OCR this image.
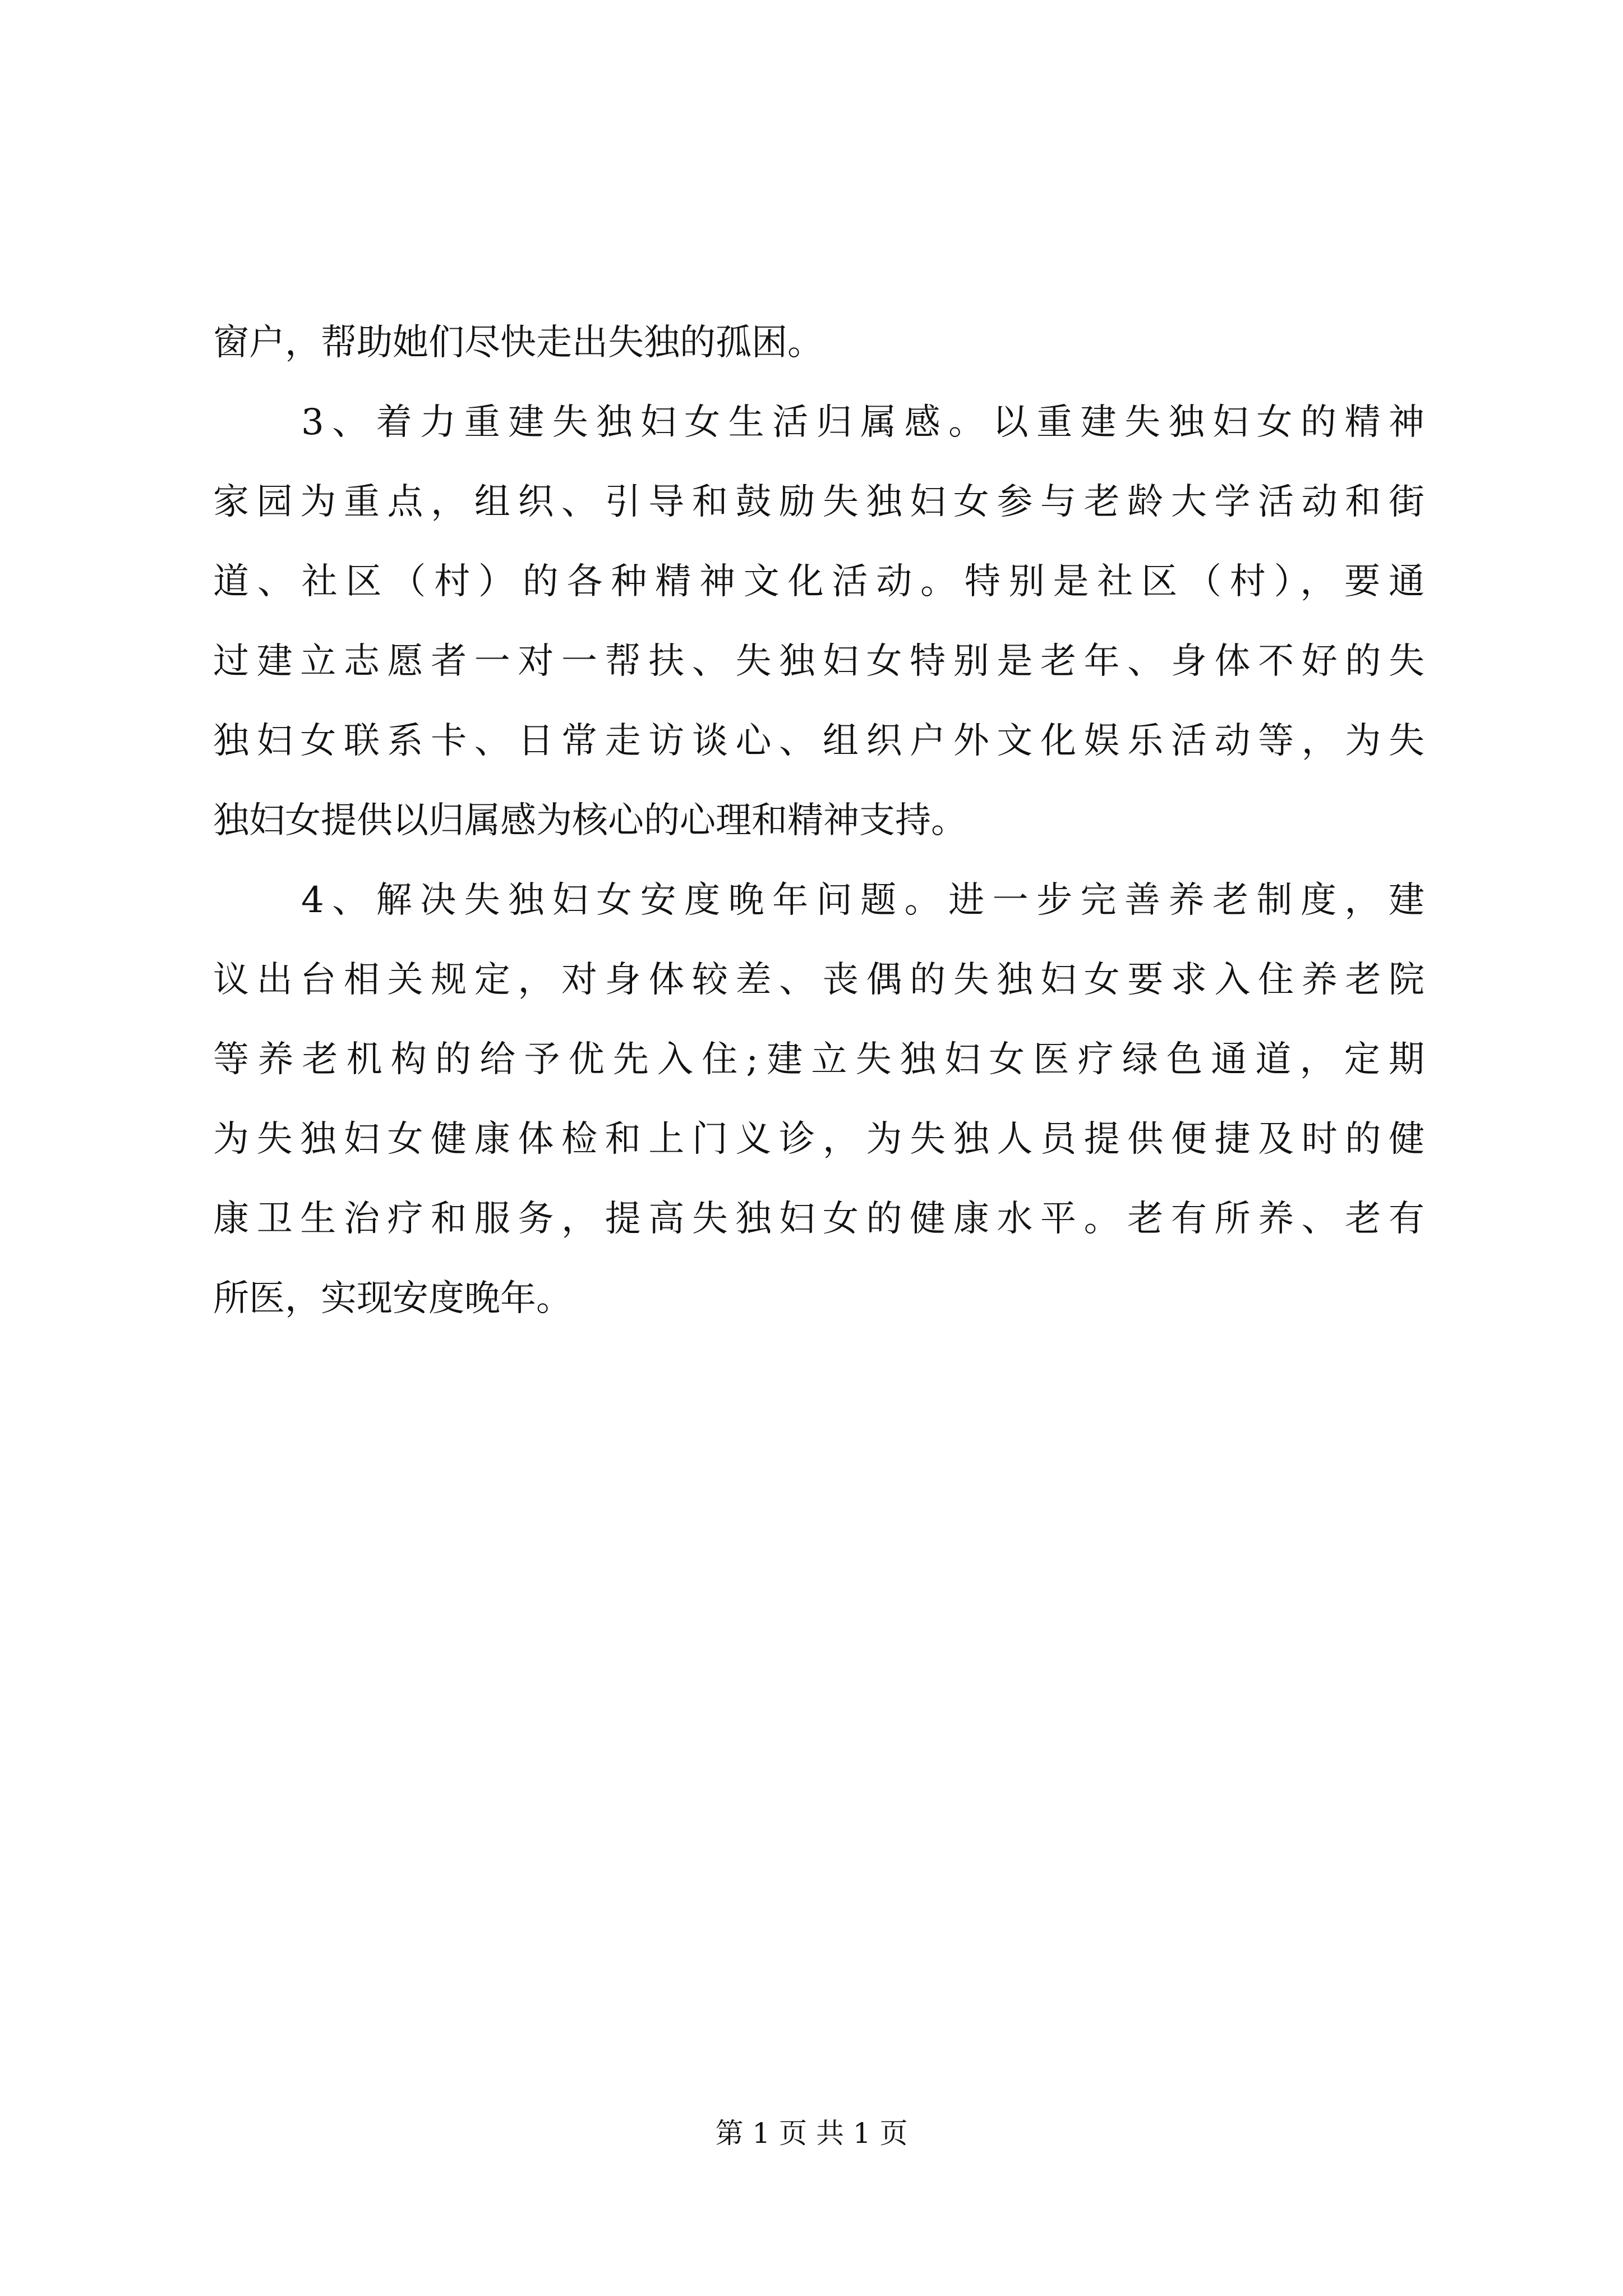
窗户，帮助她们尽快走出失独的孤困。
　　3、着力重建失独妇女生活归属感。以重建失独妇女的精神
家园为重点，组织、引导和鼓励失独妇女参与老龄大学活动和街
道、社区（村）的各种精神文化活动。特别是社区（村），要通
过建立志愿者一对一帮扶、失独妇女特别是老年、身体不好的失
独妇女联系卡、日常走访谈心、组织户外文化娱乐活动等，为失
独妇女提供以归属感为核心的心理和精神支持。
　　4、解决失独妇女安度晚年问题。进一步完善养老制度，建
议出台相关规定，对身体较差、丧偶的失独妇女要求入住养老院
等养老机构的给予优先入住;建立失独妇女医疗绿色通道，定期
为失独妇女健康体检和上门义诊，为失独人员提供便捷及时的健
康卫生治疗和服务，提高失独妇女的健康水平。老有所养、老有
所医，实现安度晚年。
第 1 页 共 1 页
